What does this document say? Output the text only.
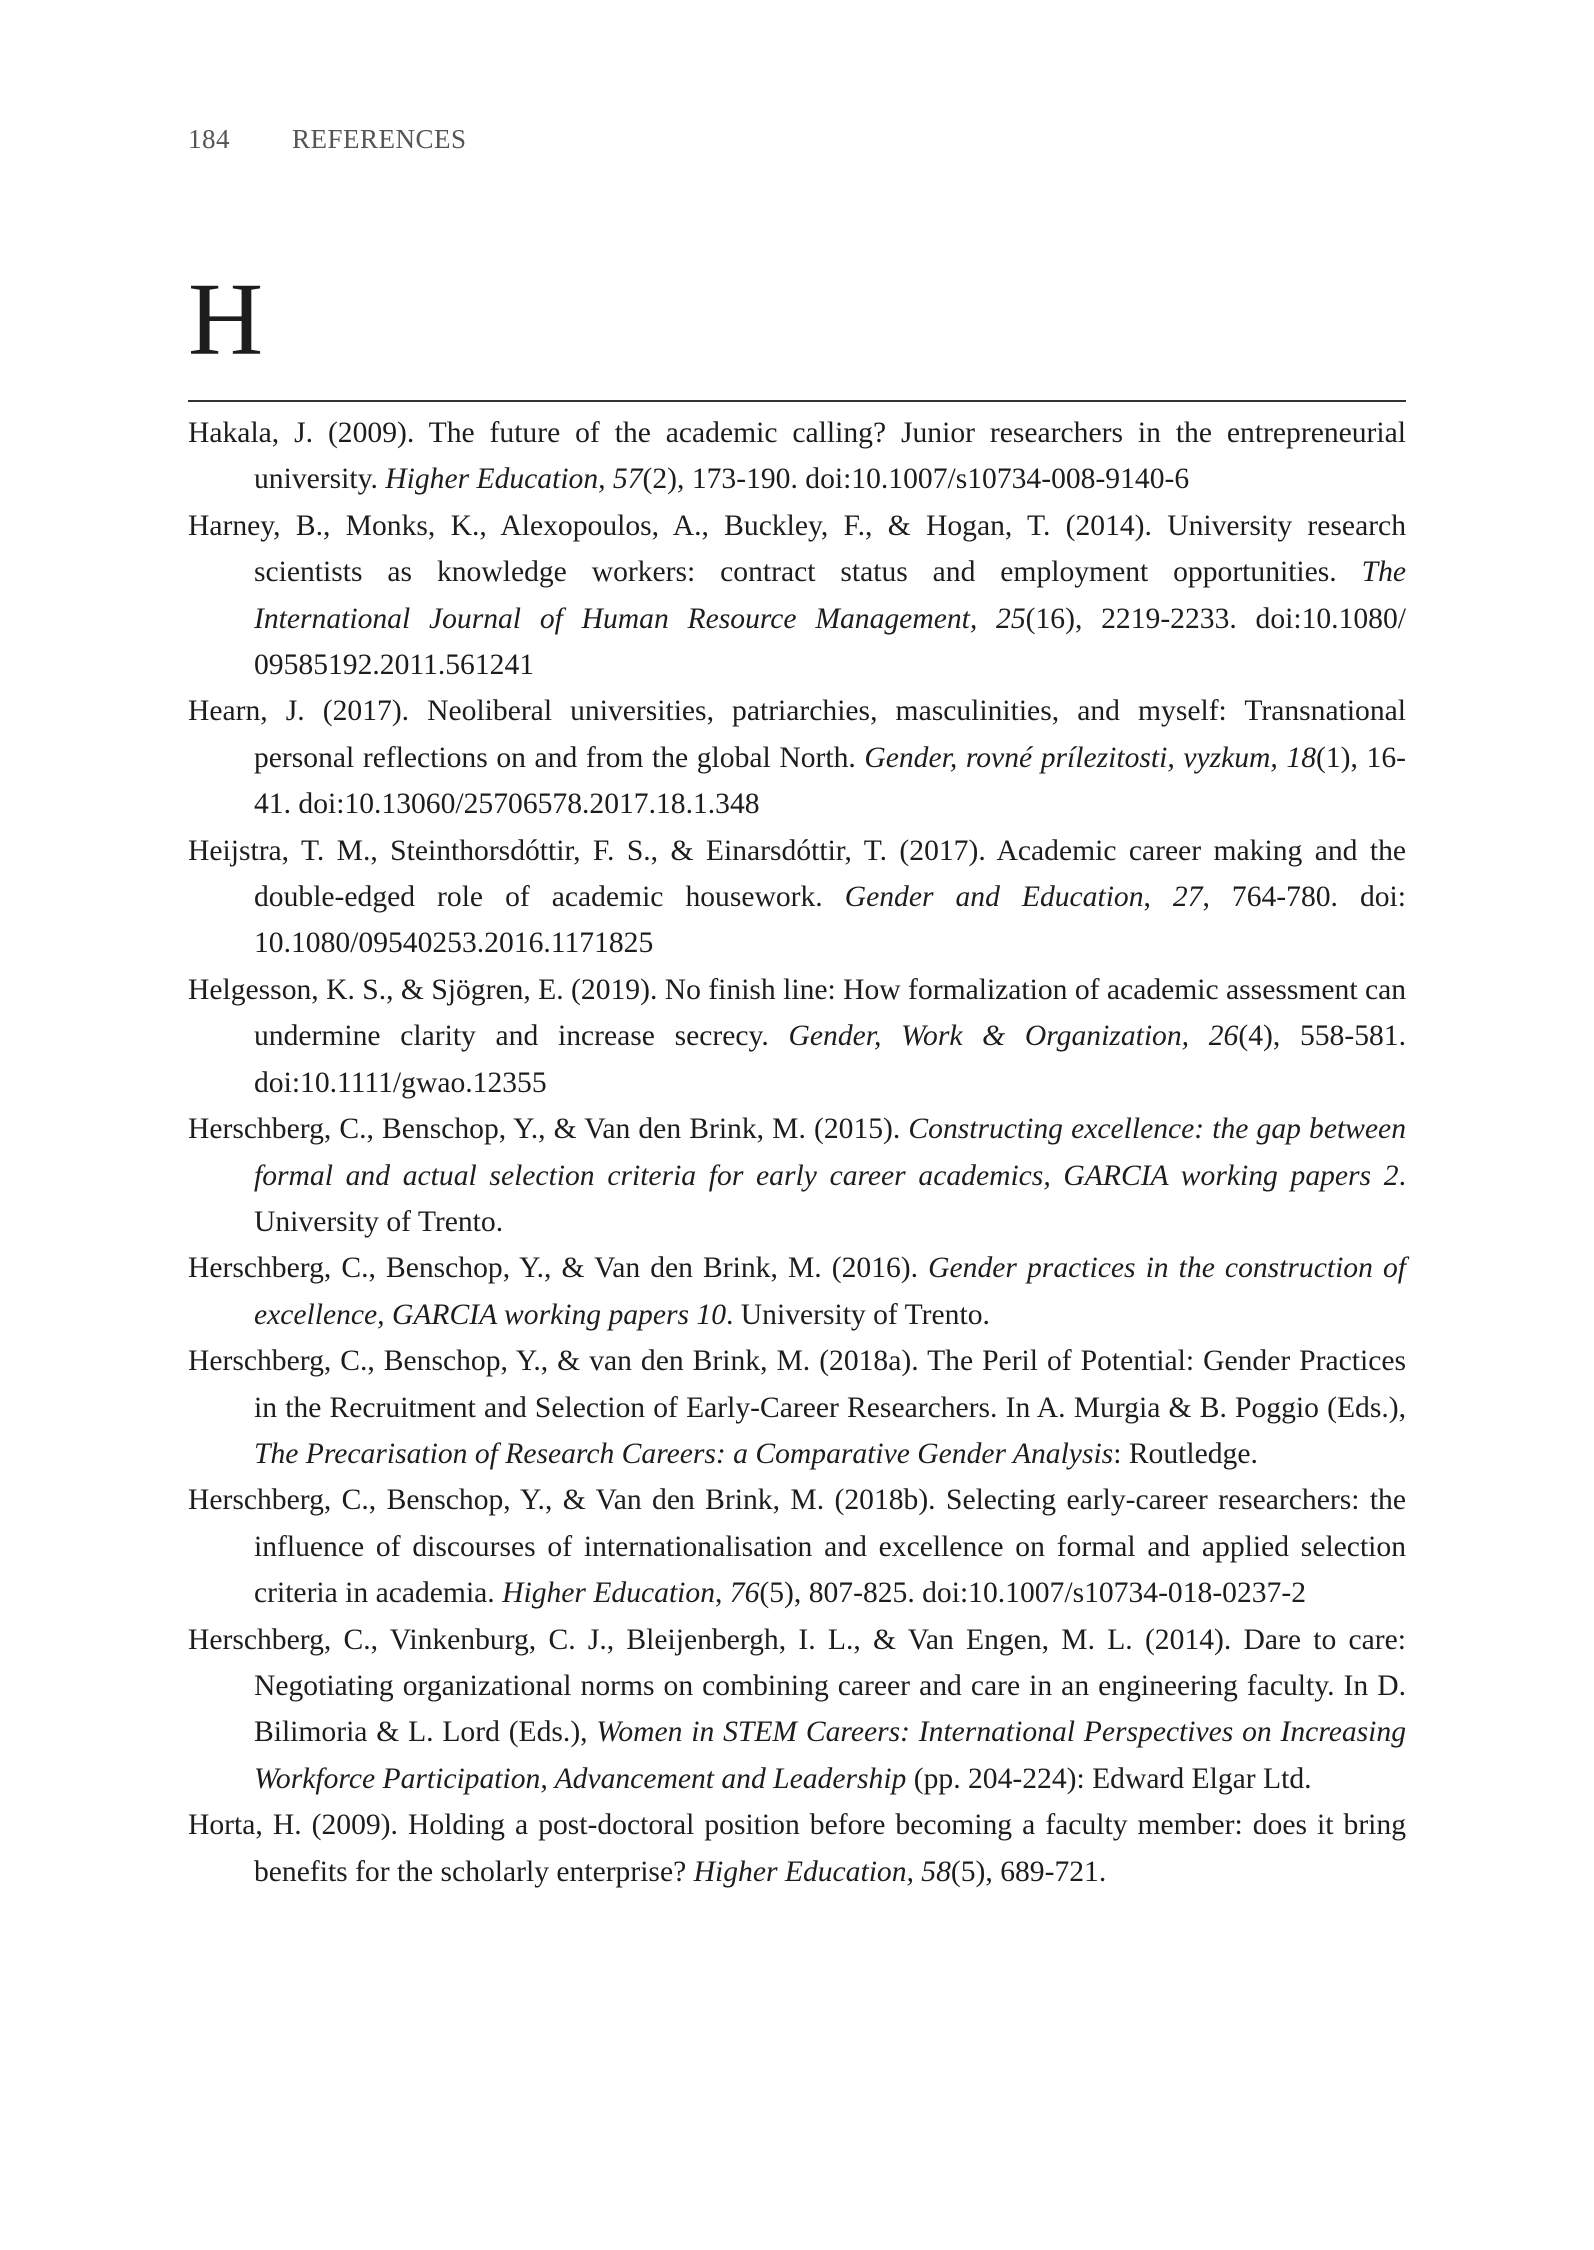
184 REFERENCES
H

Hakala, J. (2009). The future of the academic calling? Junior researchers in the entrepreneurial university. Higher Education, 57(2), 173-190. doi:10.1007/s10734-008-9140-6

Harney, B., Monks, K., Alexopoulos, A., Buckley, F., & Hogan, T. (2014). University research scientists as knowledge workers: contract status and employment opportunities. The International Journal of Human Resource Management, 25(16), 2219-2233. doi:10.1080/ 09585192.2011.561241

Hearn, J. (2017). Neoliberal universities, patriarchies, masculinities, and myself: Transnational personal reflections on and from the global North. Gender, rovné prílezitosti, vyzkum, 18(1), 16-41. doi:10.13060/25706578.2017.18.1.348

Heijstra, T. M., Steinthorsdóttir, F. S., & Einarsdóttir, T. (2017). Academic career making and the double-edged role of academic housework. Gender and Education, 27, 764-780. doi: 10.1080/09540253.2016.1171825

Helgesson, K. S., & Sjögren, E. (2019). No finish line: How formalization of academic assessment can undermine clarity and increase secrecy. Gender, Work & Organization, 26(4), 558-581. doi:10.1111/gwao.12355

Herschberg, C., Benschop, Y., & Van den Brink, M. (2015). Constructing excellence: the gap between formal and actual selection criteria for early career academics, GARCIA working papers 2. University of Trento.

Herschberg, C., Benschop, Y., & Van den Brink, M. (2016). Gender practices in the construction of excellence, GARCIA working papers 10. University of Trento.

Herschberg, C., Benschop, Y., & van den Brink, M. (2018a). The Peril of Potential: Gender Practices in the Recruitment and Selection of Early-Career Researchers. In A. Murgia & B. Poggio (Eds.), The Precarisation of Research Careers: a Comparative Gender Analysis: Routledge.

Herschberg, C., Benschop, Y., & Van den Brink, M. (2018b). Selecting early-career researchers: the influence of discourses of internationalisation and excellence on formal and applied selection criteria in academia. Higher Education, 76(5), 807-825. doi:10.1007/s10734-018-0237-2

Herschberg, C., Vinkenburg, C. J., Bleijenbergh, I. L., & Van Engen, M. L. (2014). Dare to care: Negotiating organizational norms on combining career and care in an engineering faculty. In D. Bilimoria & L. Lord (Eds.), Women in STEM Careers: International Perspectives on Increasing Workforce Participation, Advancement and Leadership (pp. 204-224): Edward Elgar Ltd.

Horta, H. (2009). Holding a post-doctoral position before becoming a faculty member: does it bring benefits for the scholarly enterprise? Higher Education, 58(5), 689-721.
